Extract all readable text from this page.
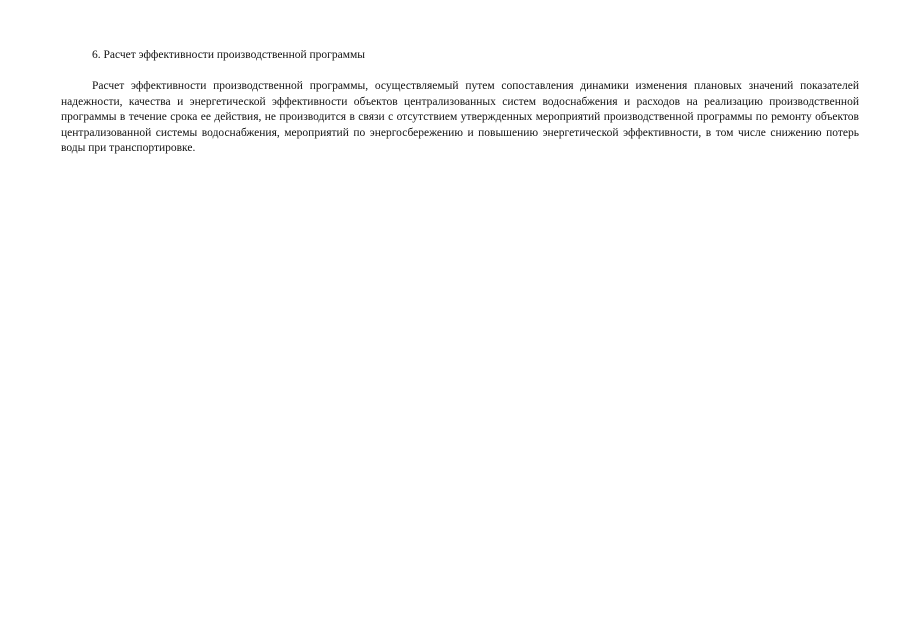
6. Расчет эффективности производственной программы

Расчет эффективности производственной программы, осуществляемый путем сопоставления динамики изменения плановых значений показателей надежности, качества и энергетической эффективности объектов централизованных систем водоснабжения и расходов на реализацию производственной программы в течение срока ее действия, не производится в связи с отсутствием утвержденных мероприятий производственной программы по ремонту объектов централизованной системы водоснабжения, мероприятий по энергосбережению и повышению энергетической эффективности, в том числе снижению потерь воды при транспортировке.
